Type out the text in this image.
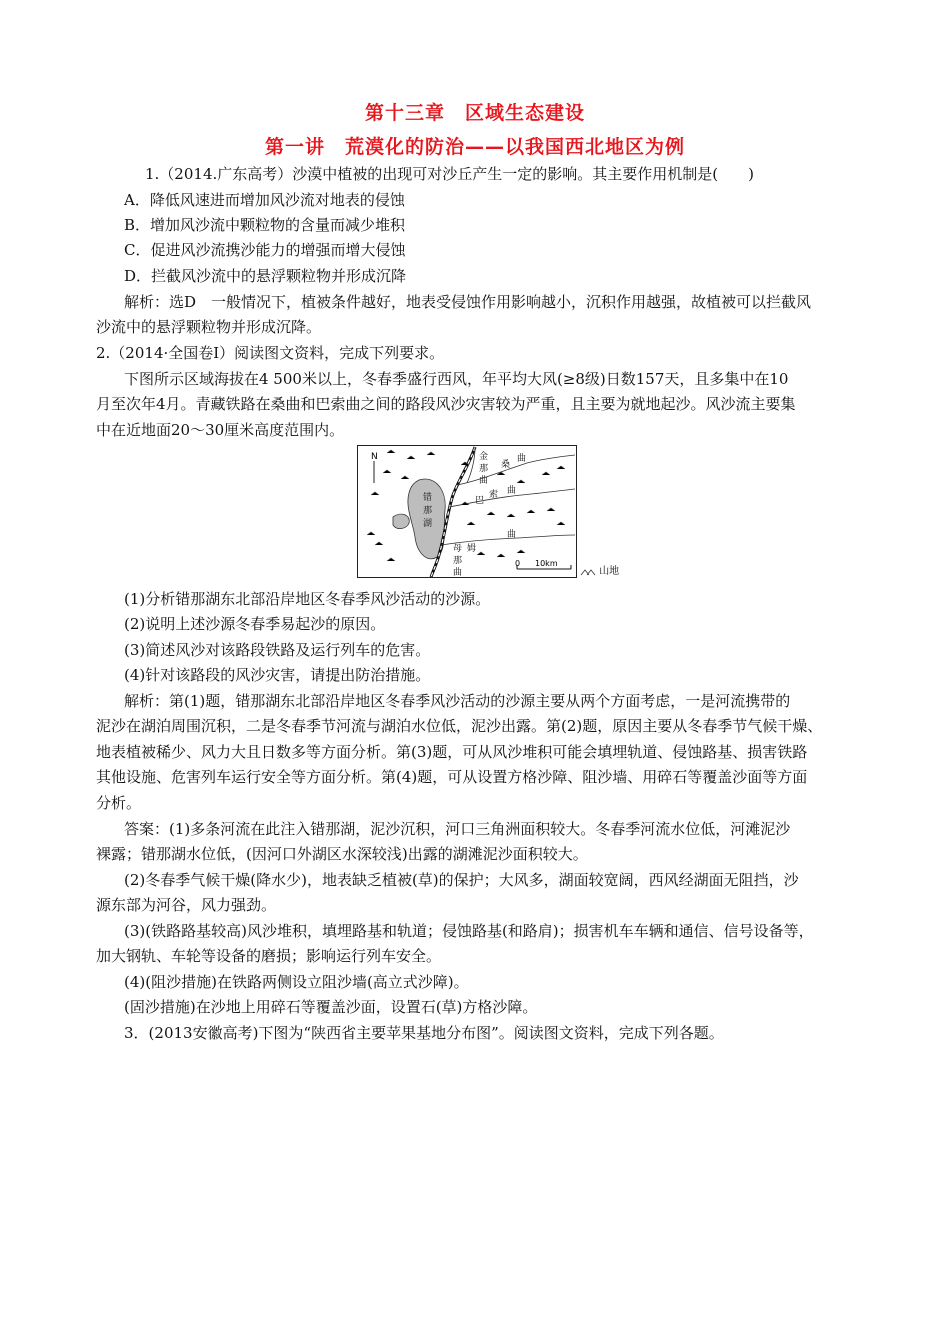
第十三章　区域生态建设
第一讲　荒漠化的防治——以我国西北地区为例
1.（2014.广东高考）沙漠中植被的出现可对沙丘产生一定的影响。其主要作用机制是(　　)
A．降低风速进而增加风沙流对地表的侵蚀
B．增加风沙流中颗粒物的含量而减少堆积
C．促进风沙流携沙能力的增强而增大侵蚀
D．拦截风沙流中的悬浮颗粒物并形成沉降
解析：选D　一般情况下，植被条件越好，地表受侵蚀作用影响越小，沉积作用越强，故植被可以拦截风
沙流中的悬浮颗粒物并形成沉降。
2.（2014·全国卷Ⅰ）阅读图文资料，完成下列要求。
下图所示区域海拔在4 500米以上，冬春季盛行西风，年平均大风(≥8级)日数157天，且多集中在10
月至次年4月。青藏铁路在桑曲和巴索曲之间的路段风沙灾害较为严重，且主要为就地起沙。风沙流主要集
中在近地面20～30厘米高度范围内。
N
错
那
湖
金
那
曲
桑
曲
巴
索 曲
母 姆
曲
那
曲
0 10km
山地
(1)分析错那湖东北部沿岸地区冬春季风沙活动的沙源。
(2)说明上述沙源冬春季易起沙的原因。
(3)简述风沙对该路段铁路及运行列车的危害。
(4)针对该路段的风沙灾害，请提出防治措施。
解析：第(1)题，错那湖东北部沿岸地区冬春季风沙活动的沙源主要从两个方面考虑，一是河流携带的
泥沙在湖泊周围沉积，二是冬春季节河流与湖泊水位低，泥沙出露。第(2)题，原因主要从冬春季节气候干燥、
地表植被稀少、风力大且日数多等方面分析。第(3)题，可从风沙堆积可能会填埋轨道、侵蚀路基、损害铁路
其他设施、危害列车运行安全等方面分析。第(4)题，可从设置方格沙障、阻沙墙、用碎石等覆盖沙面等方面
分析。
答案：(1)多条河流在此注入错那湖，泥沙沉积，河口三角洲面积较大。冬春季河流水位低，河滩泥沙
裸露；错那湖水位低，(因河口外湖区水深较浅)出露的湖滩泥沙面积较大。
(2)冬春季气候干燥(降水少)，地表缺乏植被(草)的保护；大风多，湖面较宽阔，西风经湖面无阻挡，沙
源东部为河谷，风力强劲。
(3)(铁路路基较高)风沙堆积，填埋路基和轨道；侵蚀路基(和路肩)；损害机车车辆和通信、信号设备等，
加大钢轨、车轮等设备的磨损；影响运行列车安全。
(4)(阻沙措施)在铁路两侧设立阻沙墙(高立式沙障)。
(固沙措施)在沙地上用碎石等覆盖沙面，设置石(草)方格沙障。
3．(2013安徽高考)下图为“陕西省主要苹果基地分布图”。阅读图文资料，完成下列各题。
